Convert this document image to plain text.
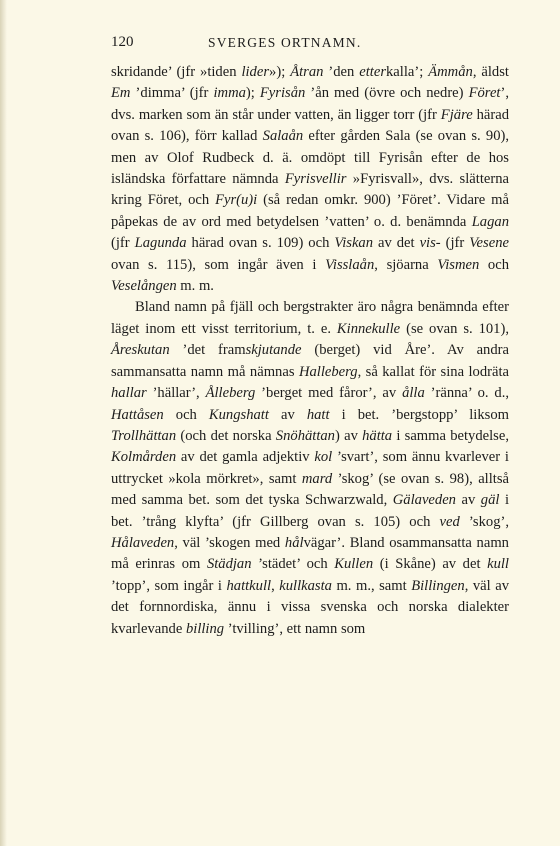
120	SVERGES ORTNAMN.

skridande’ (jfr »tiden lider»); Åtran ’den etterkalla’; Ämmån, äldst Em ’dimma’ (jfr imma); Fyrisån ’ån med (övre och nedre) Föret’, dvs. marken som än står under vatten, än ligger torr (jfr Fjäre härad ovan s. 106), förr kallad Salaån efter gården Sala (se ovan s. 90), men av Olof Rudbeck d. ä. omdöpt till Fyrisån efter de hos isländska författare nämnda Fyrisvellir »Fyrisvall», dvs. slätterna kring Föret, och Fyr(u)i (så redan omkr. 900) ’Föret’. Vidare må påpekas de av ord med betydelsen ’vatten’ o. d. benämnda Lagan (jfr Lagunda härad ovan s. 109) och Viskan av det vis- (jfr Vesene ovan s. 115), som ingår även i Visslaån, sjöarna Vismen och Veselången m. m.

Bland namn på fjäll och bergstrakter äro några benämnda efter läget inom ett visst territorium, t. e. Kinnekulle (se ovan s. 101), Åreskutan ’det framskjutande (berget) vid Åre’. Av andra sammansatta namn må nämnas Halleberg, så kallat för sina lodräta hallar ’hällar’, Ålleberg ’berget med fåror’, av ålla ’ränna’ o. d., Hattåsen och Kungshatt av hatt i bet. ’bergstopp’ liksom Trollhättan (och det norska Snöhättan) av hätta i samma betydelse, Kolmården av det gamla adjektiv kol ’svart’, som ännu kvarlever i uttrycket »kola mörkret», samt mard ’skog’ (se ovan s. 98), alltså med samma bet. som det tyska Schwarzwald, Gälaveden av gäl i bet. ’trång klyfta’ (jfr Gillberg ovan s. 105) och ved ’skog’, Hålaveden, väl ’skogen med hålvägar’. Bland osammansatta namn må erinras om Städjan ’städet’ och Kullen (i Skåne) av det kull ’topp’, som ingår i hattkull, kullkasta m. m., samt Billingen, väl av det fornnordiska, ännu i vissa svenska och norska dialekter kvarlevande billing ’tvilling’, ett namn som
